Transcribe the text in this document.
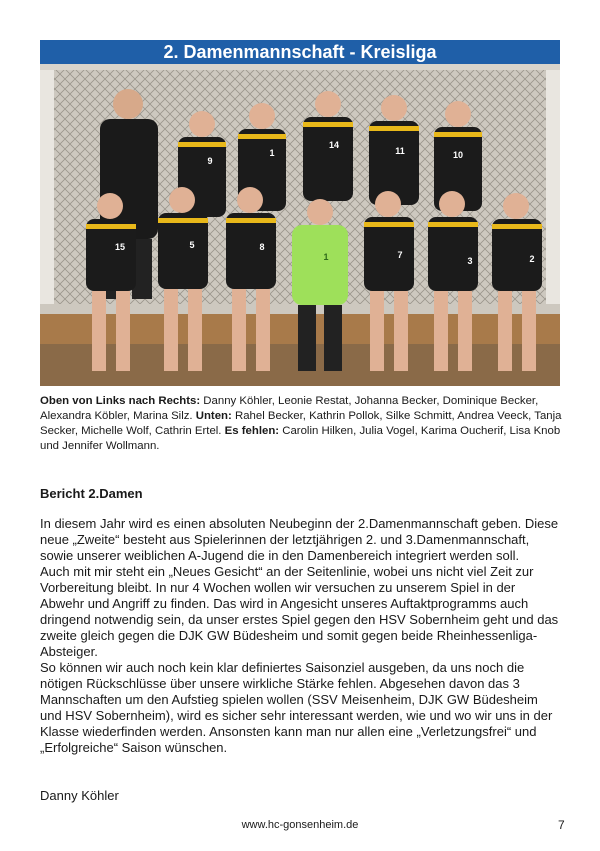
2. Damenmannschaft - Kreisliga
9
1
14
11	10
15	5	8
1	7
3	2
Oben von Links nach Rechts: Danny Köhler, Leonie Restat, Johanna Becker, Dominique Becker, Alexandra Köbler, Marina Silz. Unten: Rahel Becker, Kathrin Pollok, Silke Schmitt, Andrea Veeck, Tanja Secker, Michelle Wolf, Cathrin Ertel. Es fehlen: Carolin Hilken, Julia Vogel, Karima Oucherif, Lisa Knob und Jennifer Wollmann.
Bericht 2.Damen

In diesem Jahr wird es einen absoluten Neubeginn der 2.Damenmannschaft geben. Diese neue „Zweite“ besteht aus Spielerinnen der letztjährigen 2. und 3.Damenmannschaft, sowie unserer weiblichen A-Jugend die in den Damenbereich integriert werden soll.

Auch mit mir steht ein „Neues Gesicht“ an der Seitenlinie, wobei uns nicht viel Zeit zur Vorbereitung bleibt. In nur 4 Wochen wollen wir versuchen zu unserem Spiel in der Abwehr und Angriff zu finden. Das wird in Angesicht unseres Auftaktprogramms auch dringend notwendig sein, da unser erstes Spiel gegen den HSV Sobernheim geht und das zweite gleich gegen die DJK GW Büdesheim und somit gegen beide Rheinhessenliga-Absteiger.

So können wir auch noch kein klar definiertes Saisonziel ausgeben, da uns noch die nötigen Rückschlüsse über unsere wirkliche Stärke fehlen. Abgesehen davon das 3 Mannschaften um den Aufstieg spielen wollen (SSV Meisenheim, DJK GW Büdesheim und HSV Sobernheim), wird es sicher sehr interessant werden, wie und wo wir uns in der Klasse wiederfinden werden. Ansonsten kann man nur allen eine „Verletzungsfrei“ und „Erfolgreiche“ Saison wünschen.

Danny Köhler
www.hc-gonsenheim.de	7
